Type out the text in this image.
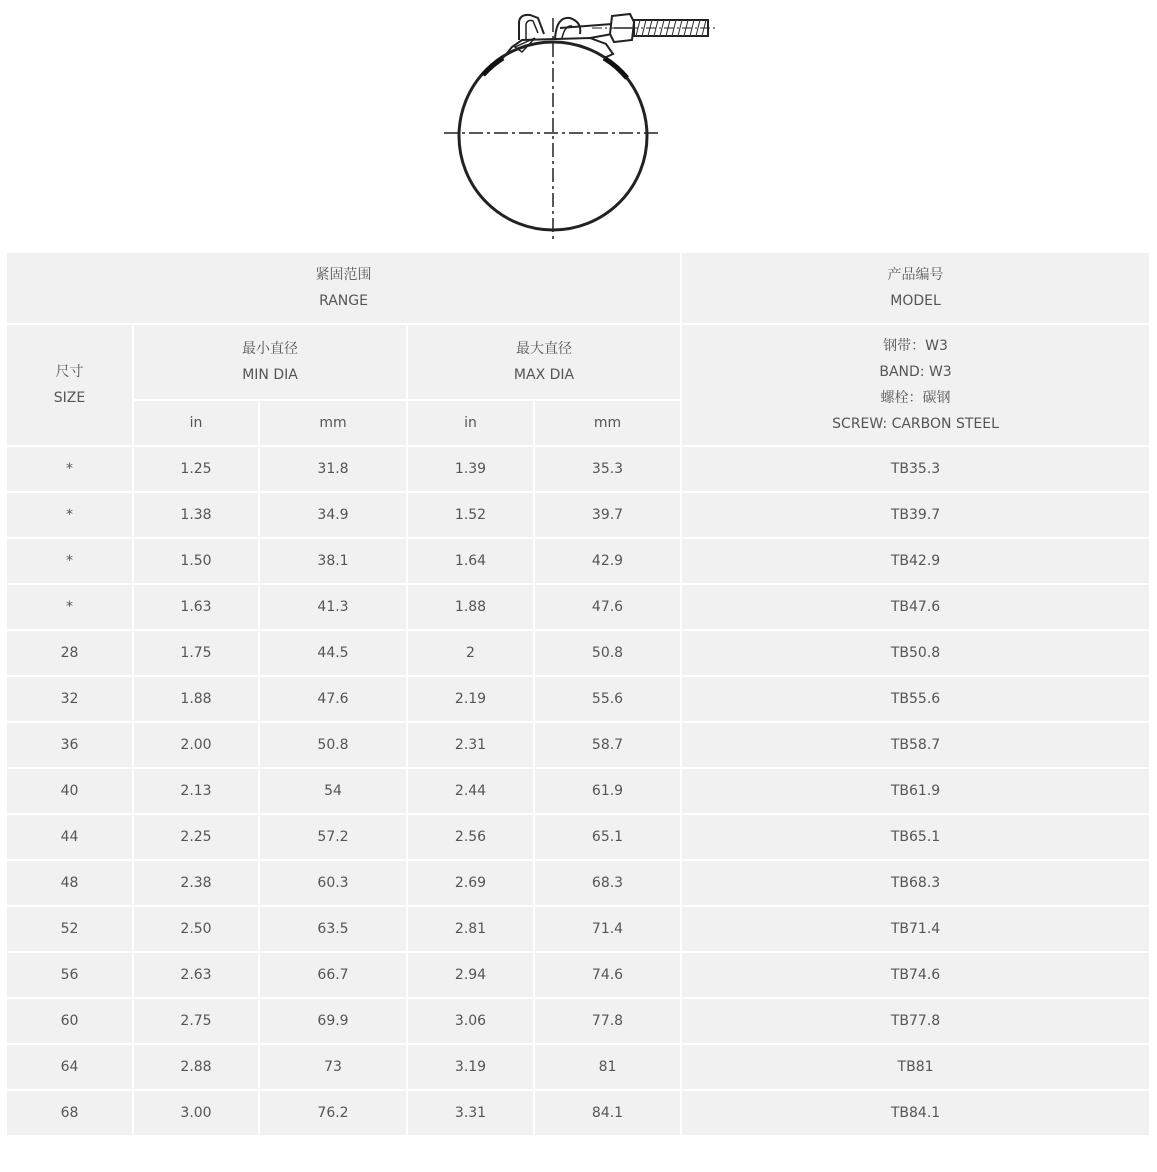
紧固范围
RANGE					产品编号
MODEL

尺寸
SIZE	最小直径
MIN DIA		最大直径
MAX DIA		钢带：W3
BAND: W3
螺栓：碳钢
SCREW: CARBON STEEL

	in	mm	in	mm	
*	1.25	31.8	1.39	35.3	TB35.3
*	1.38	34.9	1.52	39.7	TB39.7
*	1.50	38.1	1.64	42.9	TB42.9
*	1.63	41.3	1.88	47.6	TB47.6
28	1.75	44.5	2	50.8	TB50.8
32	1.88	47.6	2.19	55.6	TB55.6
36	2.00	50.8	2.31	58.7	TB58.7
40	2.13	54	2.44	61.9	TB61.9
44	2.25	57.2	2.56	65.1	TB65.1
48	2.38	60.3	2.69	68.3	TB68.3
52	2.50	63.5	2.81	71.4	TB71.4
56	2.63	66.7	2.94	74.6	TB74.6
60	2.75	69.9	3.06	77.8	TB77.8
64	2.88	73	3.19	81	TB81
68	3.00	76.2	3.31	84.1	TB84.1
